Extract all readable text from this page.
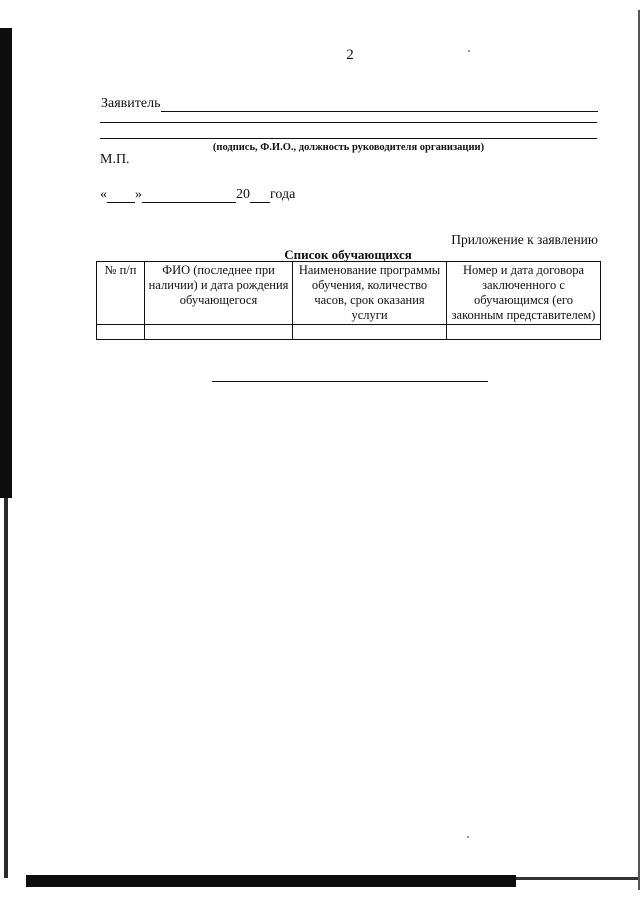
2
Заявитель
(подпись, Ф.И.О., должность руководителя организации)
М.П.
« »	20 года
Приложение к заявлению
Список обучающихся
№ п/п	ФИО (последнее при наличии) и дата рождения обучающегося	Наименование программы обучения, количество часов, срок оказания услуги	Номер и дата договора заключенного с обучающимся (его законным представителем)
